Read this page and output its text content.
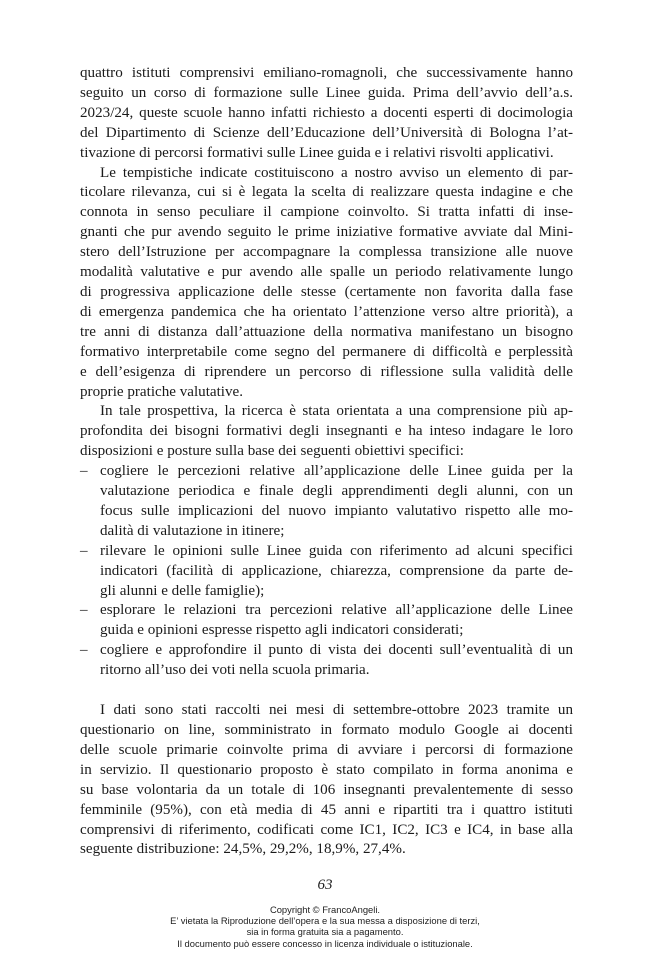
quattro istituti comprensivi emiliano-romagnoli, che successivamente hanno
seguito un corso di formazione sulle Linee guida. Prima dell’avvio dell’a.s.
2023/24, queste scuole hanno infatti richiesto a docenti esperti di docimologia
del Dipartimento di Scienze dell’Educazione dell’Università di Bologna l’at-
tivazione di percorsi formativi sulle Linee guida e i relativi risvolti applicativi.
Le tempistiche indicate costituiscono a nostro avviso un elemento di par-
ticolare rilevanza, cui si è legata la scelta di realizzare questa indagine e che
connota in senso peculiare il campione coinvolto. Si tratta infatti di inse-
gnanti che pur avendo seguito le prime iniziative formative avviate dal Mini-
stero dell’Istruzione per accompagnare la complessa transizione alle nuove
modalità valutative e pur avendo alle spalle un periodo relativamente lungo
di progressiva applicazione delle stesse (certamente non favorita dalla fase
di emergenza pandemica che ha orientato l’attenzione verso altre priorità), a
tre anni di distanza dall’attuazione della normativa manifestano un bisogno
formativo interpretabile come segno del permanere di difficoltà e perplessità
e dell’esigenza di riprendere un percorso di riflessione sulla validità delle
proprie pratiche valutative.
In tale prospettiva, la ricerca è stata orientata a una comprensione più ap-
profondita dei bisogni formativi degli insegnanti e ha inteso indagare le loro
disposizioni e posture sulla base dei seguenti obiettivi specifici:
– cogliere le percezioni relative all’applicazione delle Linee guida per la
valutazione periodica e finale degli apprendimenti degli alunni, con un
focus sulle implicazioni del nuovo impianto valutativo rispetto alle mo-
dalità di valutazione in itinere;
– rilevare le opinioni sulle Linee guida con riferimento ad alcuni specifici
indicatori (facilità di applicazione, chiarezza, comprensione da parte de-
gli alunni e delle famiglie);
– esplorare le relazioni tra percezioni relative all’applicazione delle Linee
guida e opinioni espresse rispetto agli indicatori considerati;
– cogliere e approfondire il punto di vista dei docenti sull’eventualità di un
ritorno all’uso dei voti nella scuola primaria.
I dati sono stati raccolti nei mesi di settembre-ottobre 2023 tramite un
questionario on line, somministrato in formato modulo Google ai docenti
delle scuole primarie coinvolte prima di avviare i percorsi di formazione
in servizio. Il questionario proposto è stato compilato in forma anonima e
su base volontaria da un totale di 106 insegnanti prevalentemente di sesso
femminile (95%), con età media di 45 anni e ripartiti tra i quattro istituti
comprensivi di riferimento, codificati come IC1, IC2, IC3 e IC4, in base alla
seguente distribuzione: 24,5%, 29,2%, 18,9%, 27,4%.
63
Copyright © FrancoAngeli.
E’ vietata la Riproduzione dell’opera e la sua messa a disposizione di terzi,
sia in forma gratuita sia a pagamento.
Il documento può essere concesso in licenza individuale o istituzionale.
